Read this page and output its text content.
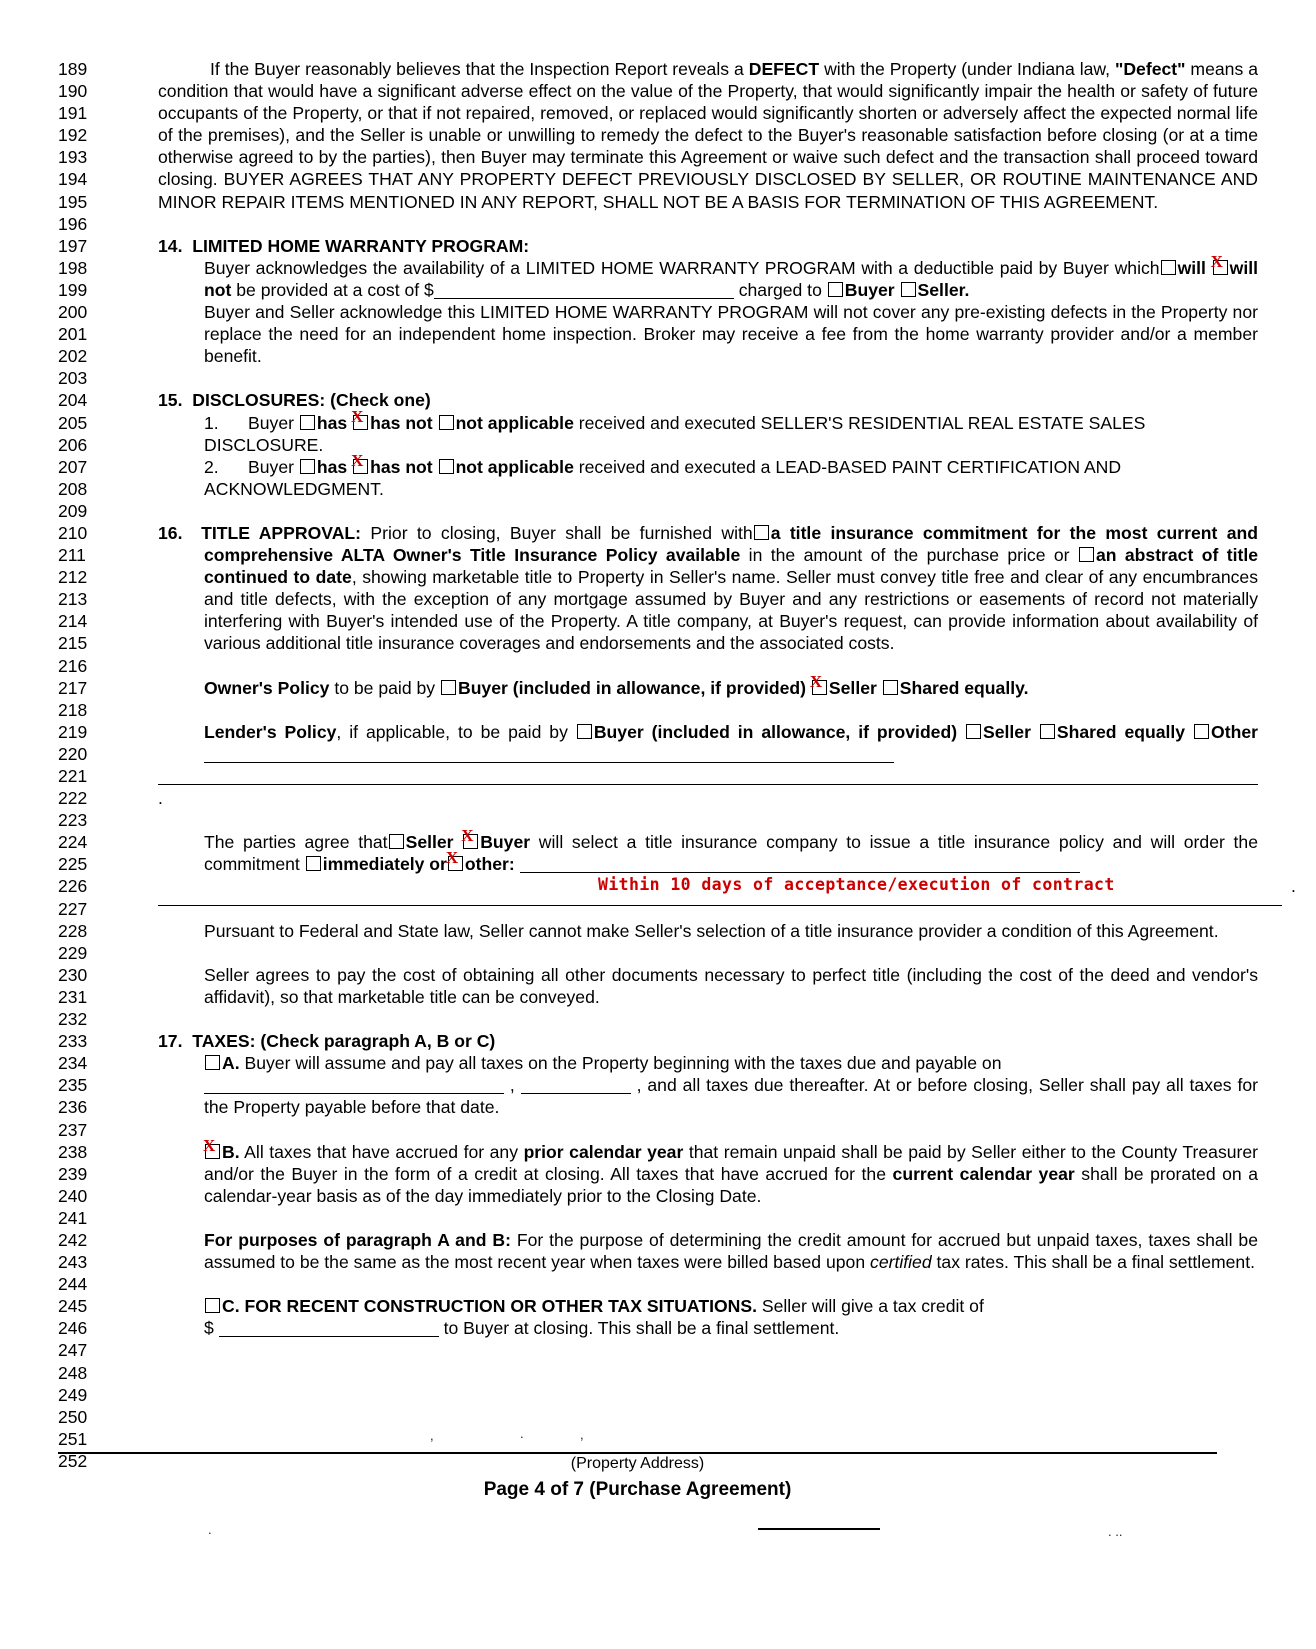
189
190
191
192
193
194
195
196
197
198
199
200
201
202
203
204
205
206
207
208
209
210
211
212
213
214
215
216
217
218
219
220
221
222
223
224
225
226
227
228
229
230
231
232
233
234
235
236
237
238
239
240
241
242
243
244
245
246
247
248
249
250
251
252

If the Buyer reasonably believes that the Inspection Report reveals a DEFECT with the Property (under Indiana law, "Defect" means a condition that would have a significant adverse effect on the value of the Property, that would significantly impair the health or safety of future occupants of the Property, or that if not repaired, removed, or replaced would significantly shorten or adversely affect the expected normal life of the premises), and the Seller is unable or unwilling to remedy the defect to the Buyer's reasonable satisfaction before closing (or at a time otherwise agreed to by the parties), then Buyer may terminate this Agreement or waive such defect and the transaction shall proceed toward closing. BUYER AGREES THAT ANY PROPERTY DEFECT PREVIOUSLY DISCLOSED BY SELLER, OR ROUTINE MAINTENANCE AND MINOR REPAIR ITEMS MENTIONED IN ANY REPORT, SHALL NOT BE A BASIS FOR TERMINATION OF THIS AGREEMENT.

14. LIMITED HOME WARRANTY PROGRAM:

Buyer acknowledges the availability of a LIMITED HOME WARRANTY PROGRAM with a deductible paid by Buyer which will X will not be provided at a cost of $	charged to Buyer Seller.
Buyer and Seller acknowledge this LIMITED HOME WARRANTY PROGRAM will not cover any pre-existing defects in the Property nor replace the need for an independent home inspection. Broker may receive a fee from the home warranty provider and/or a member benefit.

15. DISCLOSURES: (Check one)

1. Buyer has X has not not applicable received and executed SELLER'S RESIDENTIAL REAL ESTATE SALES DISCLOSURE.

2. Buyer has X has not not applicable received and executed a LEAD-BASED PAINT CERTIFICATION AND ACKNOWLEDGMENT.

16. TITLE APPROVAL: Prior to closing, Buyer shall be furnished with a title insurance commitment for the most current and comprehensive ALTA Owner's Title Insurance Policy available in the amount of the purchase price or an abstract of title continued to date, showing marketable title to Property in Seller's name. Seller must convey title free and clear of any encumbrances and title defects, with the exception of any mortgage assumed by Buyer and any restrictions or easements of record not materially interfering with Buyer's intended use of the Property. A title company, at Buyer's request, can provide information about availability of various additional title insurance coverages and endorsements and the associated costs.

Owner's Policy to be paid by Buyer (included in allowance, if provided) X Seller Shared equally.

Lender's Policy, if applicable, to be paid by Buyer (included in allowance, if provided) Seller Shared equally Other

.

The parties agree that Seller X Buyer will select a title insurance company to issue a title insurance policy and will order the commitment immediately or X other:

Within 10 days of acceptance/execution of contract	.

Pursuant to Federal and State law, Seller cannot make Seller's selection of a title insurance provider a condition of this Agreement.

Seller agrees to pay the cost of obtaining all other documents necessary to perfect title (including the cost of the deed and vendor's affidavit), so that marketable title can be conveyed.

17. TAXES: (Check paragraph A, B or C)

A. Buyer will assume and pay all taxes on the Property beginning with the taxes due and payable on
,	, and all taxes due thereafter. At or before closing, Seller shall pay all taxes for the Property payable before that date.

XB. All taxes that have accrued for any prior calendar year that remain unpaid shall be paid by Seller either to the County Treasurer and/or the Buyer in the form of a credit at closing. All taxes that have accrued for the current calendar year shall be prorated on a calendar-year basis as of the day immediately prior to the Closing Date.

For purposes of paragraph A and B: For the purpose of determining the credit amount for accrued but unpaid taxes, taxes shall be assumed to be the same as the most recent year when taxes were billed based upon certified tax rates. This shall be a final settlement.

C. FOR RECENT CONSTRUCTION OR OTHER TAX SITUATIONS. Seller will give a tax credit of
$	to Buyer at closing. This shall be a final settlement.

,	.	,
(Property Address)
Page 4 of 7 (Purchase Agreement)
.	. ..
